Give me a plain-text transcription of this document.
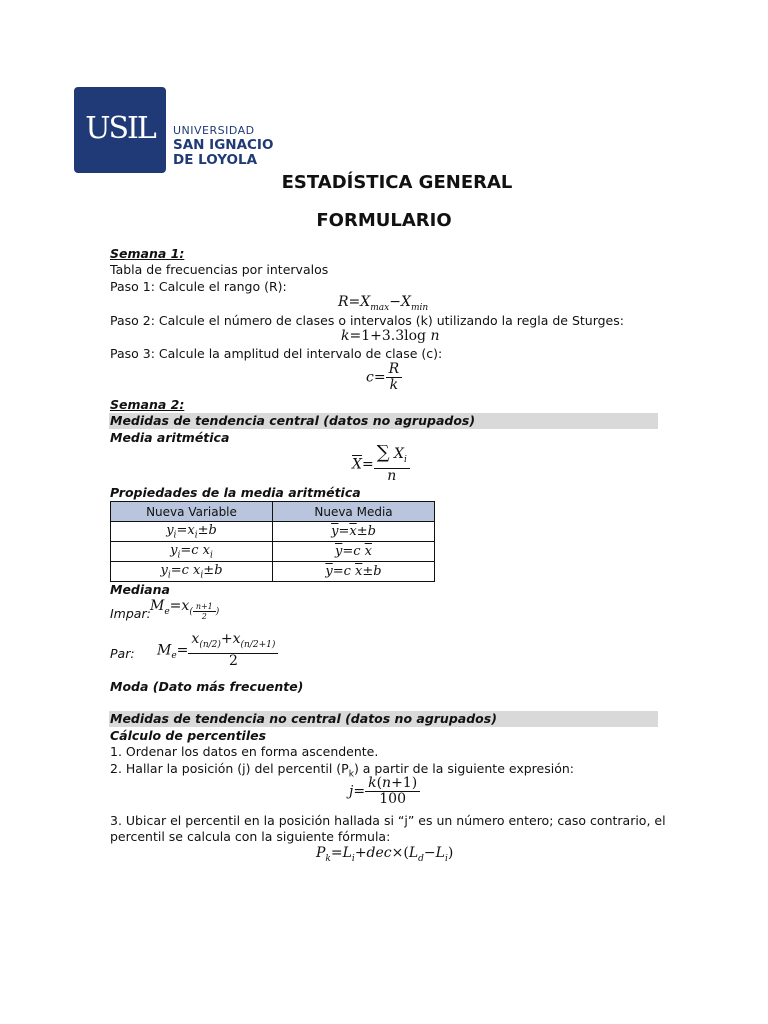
USIL	UNIVERSIDAD
SAN IGNACIO
DE LOYOLA
ESTADÍSTICA GENERAL
FORMULARIO
Semana 1:
Tabla de frecuencias por intervalos
Paso 1: Calcule el rango (R):
$R=X_{max}-X_{min}$
Paso 2: Calcule el número de clases o intervalos (k) utilizando la regla de Sturges:
k=1+3.3log n
Paso 3: Calcule la amplitud del intervalo de clase (c):
$c= \frac{R}{k}$
Semana 2:
Medidas de tendencia central (datos no agrupados)
Media aritmética
$\overline{X}= \frac{\sum X_i}{n}$
Propiedades de la media aritmética
Nueva Variable	Nueva Media
$y_i=x_i\pm b$	$\overline{y}=\overline{x}\pm b$
$y_i=c$ $x_i$	$\overline{y}=c$ $\overline{x}$
$y_i=c$ $x_i\pm b$	$\overline{y}=c$ $\overline{x}\pm b$
Mediana
Impar: $M_e=x_{( \frac{n+1}{2} )}$
Par: $M_e= \frac{x_{(n/2)}+x_{(n/2+1)}}{2}$
Moda (Dato más frecuente)
Medidas de tendencia no central (datos no agrupados)
Cálculo de percentiles
1. Ordenar los datos en forma ascendente.
2. Hallar la posición (j) del percentil $(P_k)$ a partir de la siguiente expresión:
$j= \frac{k(n+1)}{100}$
3. Ubicar el percentil en la posición hallada si “j” es un número entero; caso contrario, el
percentil se calcula con la siguiente fórmula:
$P_k=L_i+dec\times(L_d-L_i)$
